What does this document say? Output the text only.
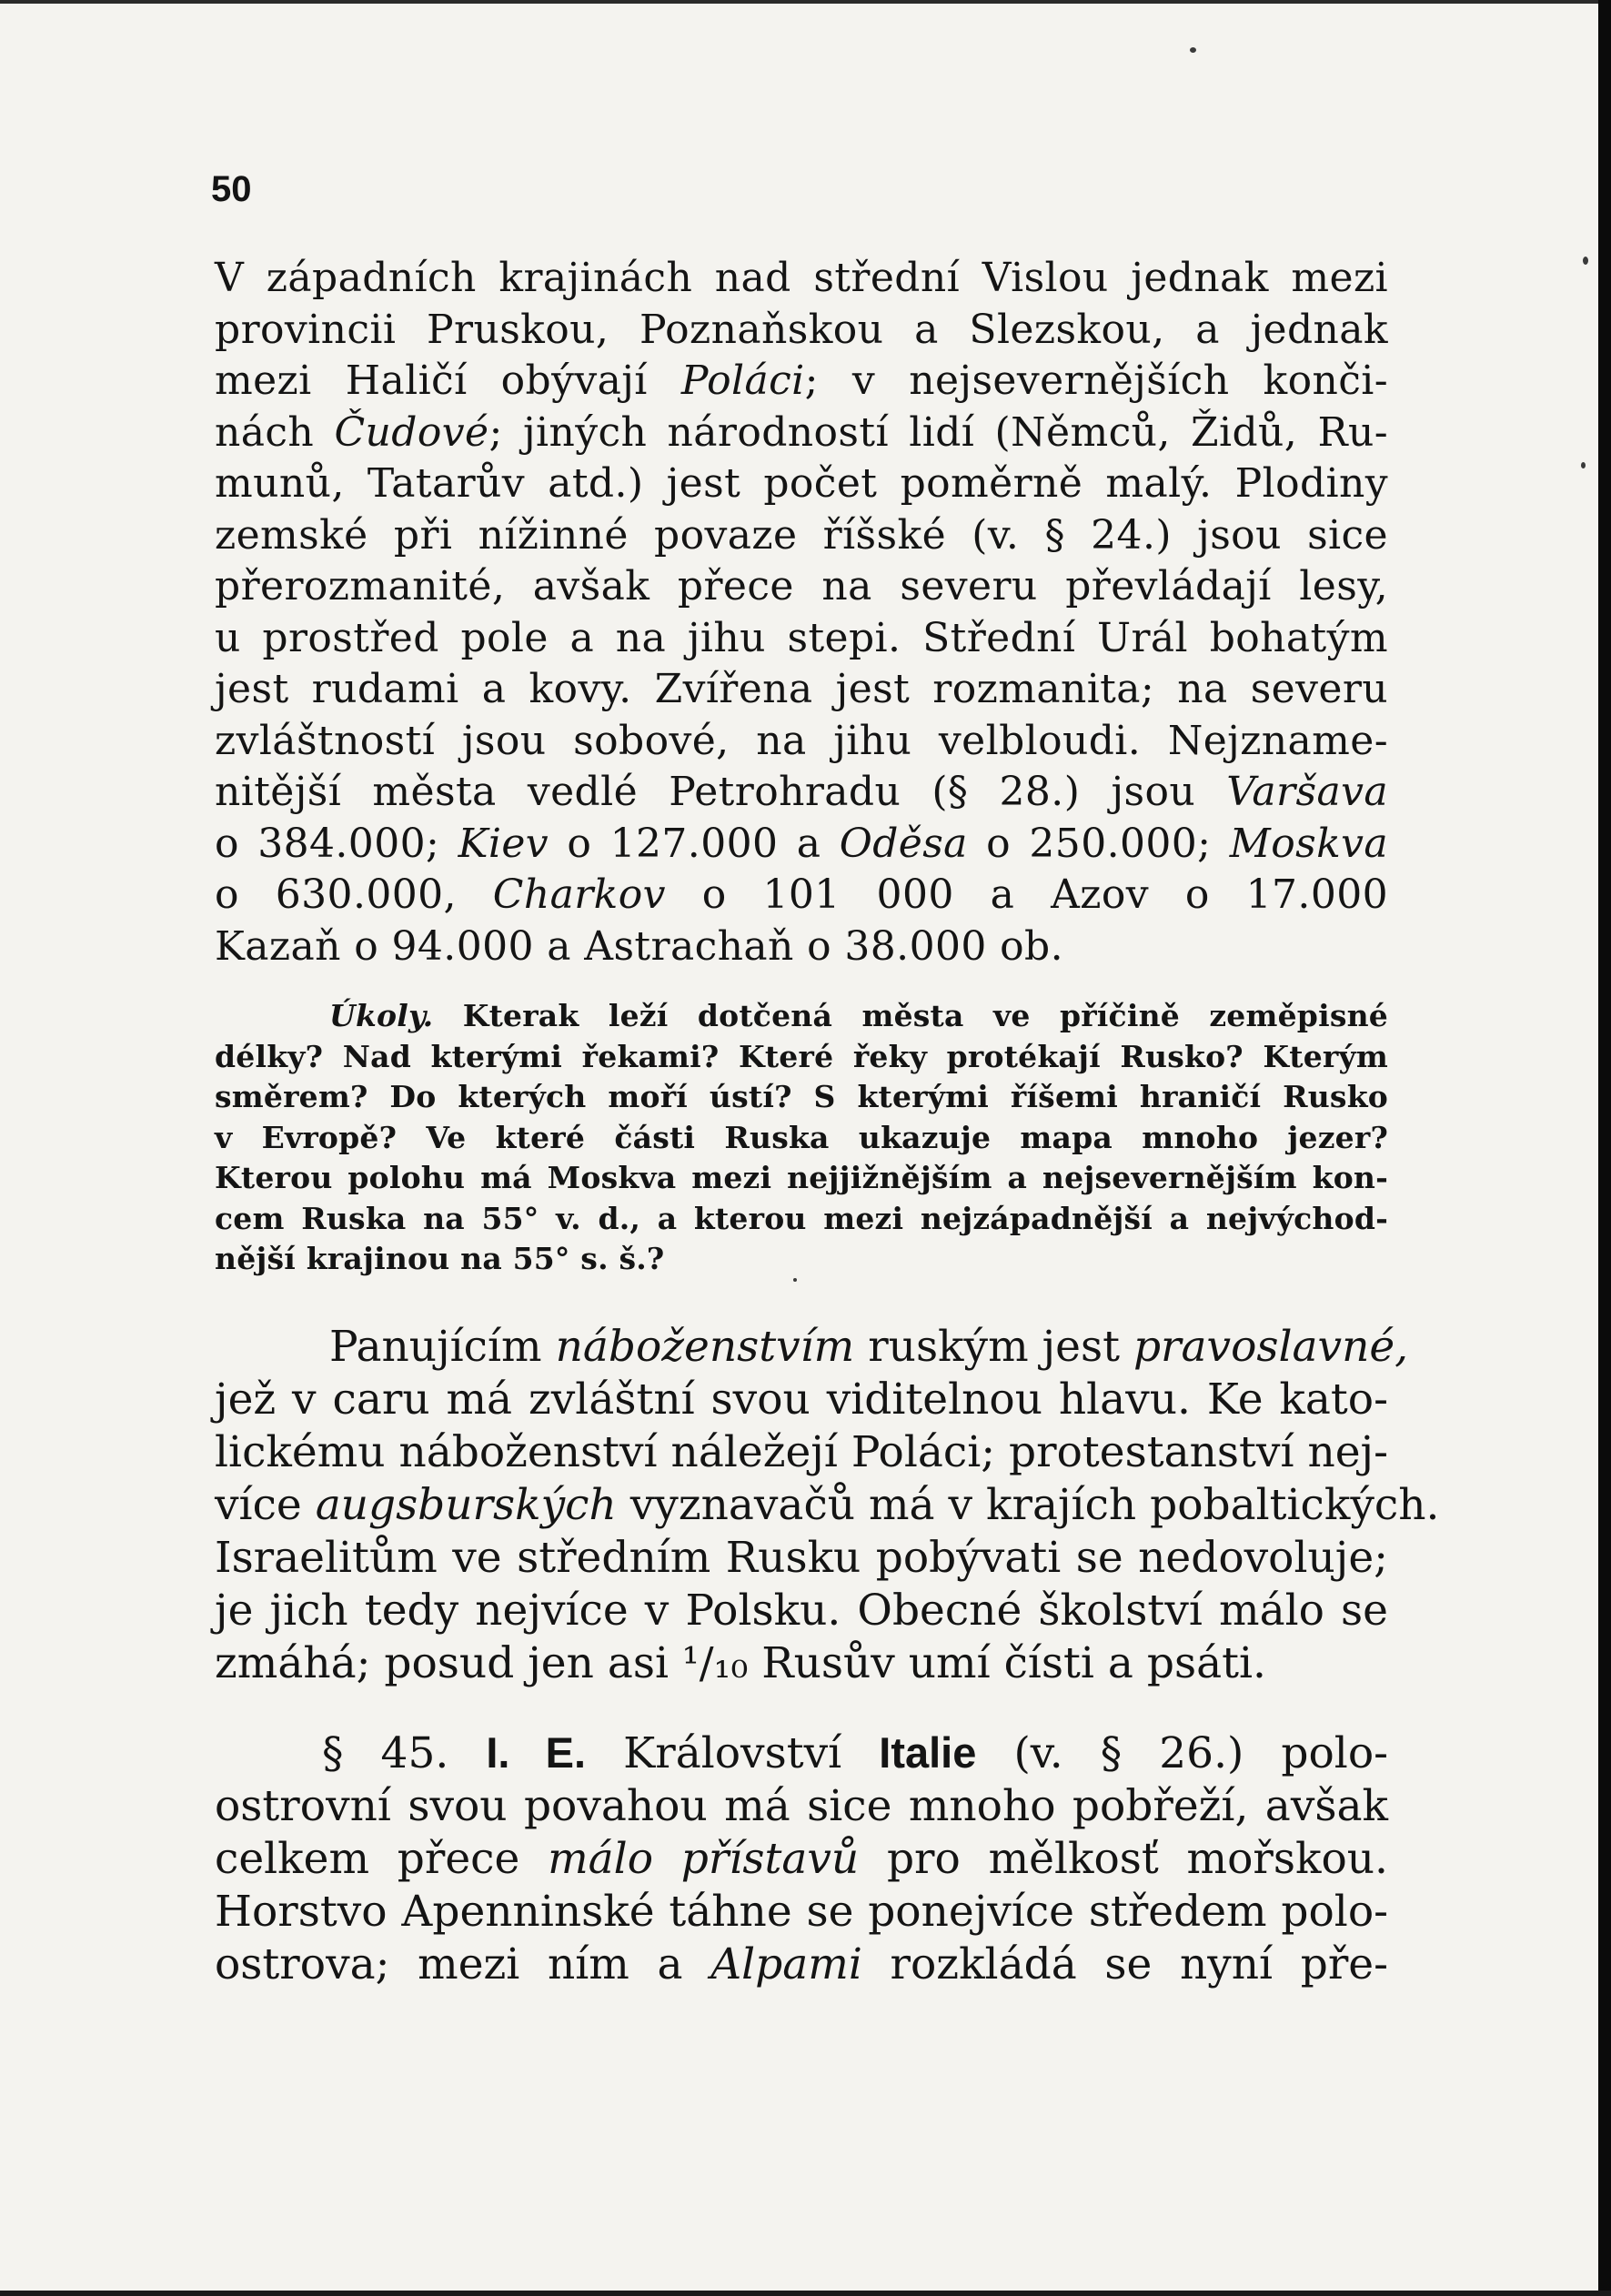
50
V západních krajinách nad střední Vislou jednak mezi
provincii Pruskou, Poznaňskou a Slezskou, a jednak
mezi Haličí obývají Poláci; v nejsevernějších konči-
nách Čudové; jiných národností lidí (Němců, Židů, Ru-
munů, Tatarův atd.) jest počet poměrně malý. Plodiny
zemské při nížinné povaze říšské (v. § 24.) jsou sice
přerozmanité, avšak přece na severu převládají lesy,
u prostřed pole a na jihu stepi. Střední Urál bohatým
jest rudami a kovy. Zvířena jest rozmanita; na severu
zvláštností jsou sobové, na jihu velbloudi. Nejzname-
nitější města vedlé Petrohradu (§ 28.) jsou Varšava
o 384.000; Kiev o 127.000 a Oděsa o 250.000; Moskva
o 630.000, Charkov o 101 000 a Azov o 17.000
Kazaň o 94.000 a Astrachaň o 38.000 ob.
Úkoly. Kterak leží dotčená města ve příčině zeměpisné
délky? Nad kterými řekami? Které řeky protékají Rusko? Kterým
směrem? Do kterých moří ústí? S kterými říšemi hraničí Rusko
v Evropě? Ve které části Ruska ukazuje mapa mnoho jezer?
Kterou polohu má Moskva mezi nejjižnějším a nejsevernějším kon-
cem Ruska na 55° v. d., a kterou mezi nejzápadnější a nejvýchod-
nější krajinou na 55° s. š.?
Panujícím náboženstvím ruským jest pravoslavné,
jež v caru má zvláštní svou viditelnou hlavu. Ke kato-
lickému náboženství náležejí Poláci; protestanství nej-
více augsburských vyznavačů má v krajích pobaltických.
Israelitům ve středním Rusku pobývati se nedovoluje;
je jich tedy nejvíce v Polsku. Obecné školství málo se
zmáhá; posud jen asi ¹/₁₀ Rusův umí čísti a psáti.
§ 45. I. E. Království Italie (v. § 26.) polo-
ostrovní svou povahou má sice mnoho pobřeží, avšak
celkem přece málo přístavů pro mělkosť mořskou.
Horstvo Apenninské táhne se ponejvíce středem polo-
ostrova; mezi ním a Alpami rozkládá se nyní pře-
